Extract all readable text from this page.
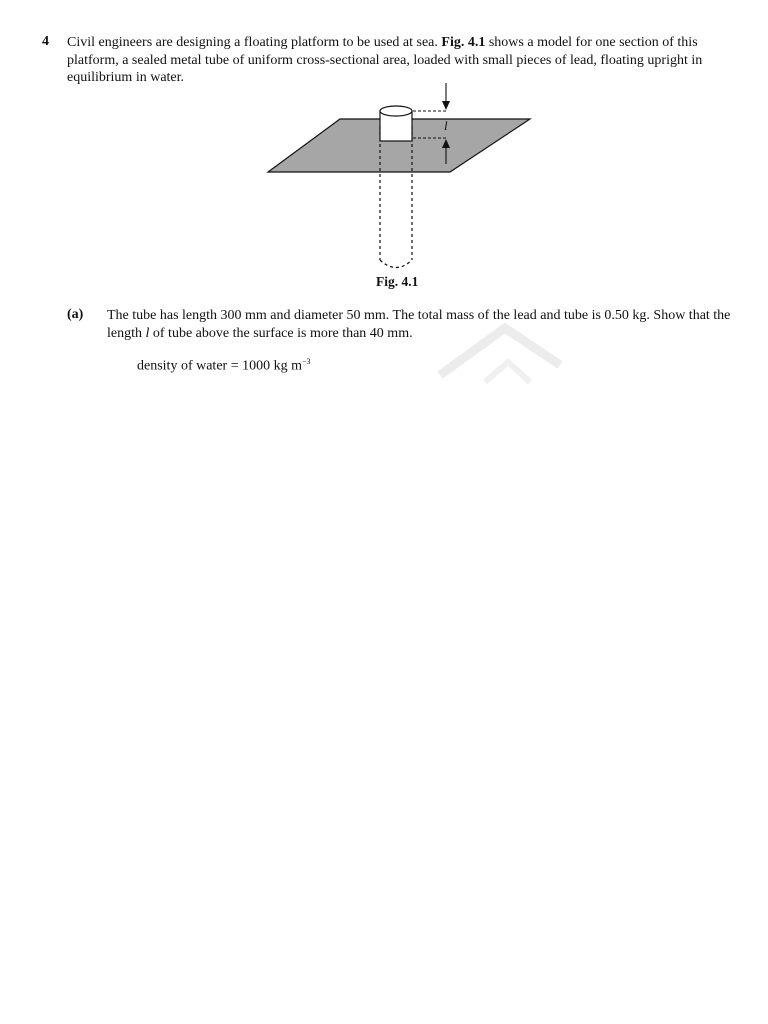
4 Civil engineers are designing a floating platform to be used at sea. Fig. 4.1 shows a model for one section of this platform, a sealed metal tube of uniform cross-sectional area, loaded with small pieces of lead, floating upright in equilibrium in water.
l
Fig. 4.1
(a) The tube has length 300 mm and diameter 50 mm. The total mass of the lead and tube is 0.50 kg. Show that the length l of tube above the surface is more than 40 mm.
density of water = 1000 kg $m^{-3}$
